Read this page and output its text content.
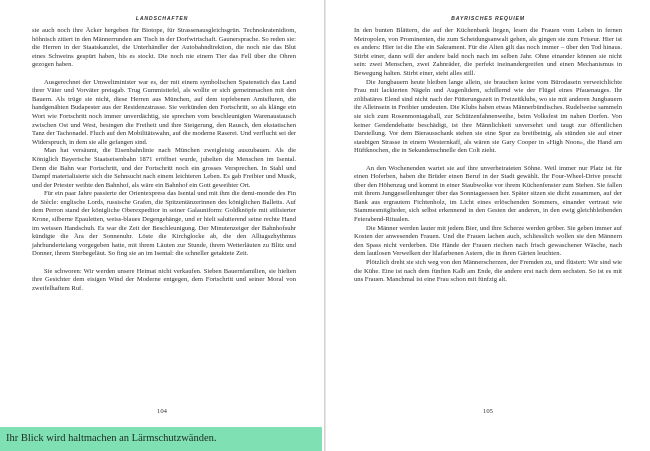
LANDSCHAFTEN

sie auch noch ihre Äcker hergeben für Biotope, für Strassenausgleichsgrün. Technokratenidiom, höhnisch zitiert in den Männerrunden am Tisch in der Dorfwirtschaft. Gaunersprache. So reden sie: die Herren in der Staatskanzlei, die Unterhändler der Autobahndirektion, die noch nie das Blut eines Schweins gespürt haben, bis es stockt. Die noch nie einem Tier das Fell über die Ohren gezogen haben.

Ausgerechnet der Umweltminister war es, der mit einem symbolischen Spatenstich das Land ihrer Väter und Vorväter preisgab. Trug Gummistiefel, als wollte er sich gemeinmachen mit den Bauern. Als trüge sie nicht, diese Herren aus München, auf dem topfebenen Amtsfluren, die handgenähten Budapester aus der Residenzstrasse. Sie verkünden den Fortschritt, so als klänge ein Wort wie Fortschritt noch immer unverdächtig, sie sprechen vom beschleunigten Warenaustausch zwischen Ost und West, besingen die Freiheit und ihre Steigerung, den Rausch, den ekstatischen Tanz der Tachonadel. Fluch auf den Mobilitätswahn, auf die moderne Raserei. Und verflucht sei der Widerspruch, in dem sie alle gefangen sind.

Man hat versäumt, die Eisenbahnlinie nach München zweigleisig auszubauen. Als die Königlich Bayerische Staatseisenbahn 1871 eröffnet wurde, jubelten die Menschen im Isental. Denn die Bahn war Fortschritt, und der Fortschritt noch ein grosses Versprechen. In Stahl und Dampf materialisierte sich die Sehnsucht nach einem leichteren Leben. Es gab Freibier und Musik, und der Priester weihte den Bahnhof, als wäre ein Bahnhof ein Gott geweihter Ort.

Für ein paar Jahre passierte der Orientexpress das Isental und mit ihm die demi-monde des Fin de Siècle: englische Lords, russische Grafen, die Spitzentänzerinnen des königlichen Balletts. Auf dem Perron stand der königliche Oberexpeditor in seiner Galauniform: Goldknöpfe mit stilisierter Krone, silberne Epauletten, weiss-blaues Degengehänge, und er hielt salutierend seine rechte Hand im weissen Handschuh. Es war die Zeit der Beschleunigung. Der Minutenzeiger der Bahnhofsuhr kündigte die Ära der Sonnenuhr. Löste die Kirchglocke ab, die den Alltagszhythmus jahrhundertelang vorgegeben hatte, mit ihrem Läuten zur Stunde, ihrem Wetterläuten zu Blitz und Donner, ihrem Sterbegeläut. So fing sie an im Isental: die schneller getaktete Zeit.

Sie schworen: Wir werden unsere Heimat nicht verkaufen. Sieben Bauernfamilien, sie hielten ihre Gesichter dem eisigen Wind der Moderne entgegen, dem Fortschritt und seiner Moral von zweifelhaftem Ruf.

104
BAYRISCHES REQUIEM

In den bunten Blättern, die auf der Küchenbank liegen, lesen die Frauen vom Leben in fernen Metropolen, von Prominenten, die zum Scheidungsanwalt gehen, als gingen sie zum Friseur. Hier ist es anders: Hier ist die Ehe ein Sakrament. Für die Alten gilt das noch immer – über den Tod hinaus. Stirbt einer, dann will der andere bald noch nach im selben Jahr. Ohne einander können sie nicht sein: zwei Menschen, zwei Zahnräder, die perfekt ineinandergreifen und einen Mechanismus in Bewegung halten. Stirbt einer, steht alles still.

Die Jungbauern heute bleiben lange allein, sie brauchen keine vom Bürodasein verweichlichte Frau mit lackierten Nägeln und Augenlidern, schillernd wie der Flügel eines Pfauenauges. Ihr zölibatäres Elend sind nicht nach der Fütterungszeit in Freizeitklubs, wo sie mit anderen Jungbauern ihr Alleinsein in Freibier umdeuten. Die Klubs haben etwas Männerbündisches. Rudelweise sammeln sie sich zum Rosenmontagsball, zur Schützenfahnenweihe, beim Volksfest im nahen Dorfen. Von keiner Gendendebatte beschädigt, ist ihre Männlichkeit unversehrt und taugt zur öffentlichen Darstellung. Vor dem Bierausschank stehen sie eine Spur zu breitbeinig, als stünden sie auf einer staubigen Strasse in einem Westernkaff, als wären sie Gary Cooper in «High Noon», die Hand am Hüftknochen, die in Sekundenschnelle den Colt zieht.

An den Wochenenden wartet sie auf ihre unverheirateten Söhne. Weil immer nur Platz ist für einen Hoferben, haben die Brüder einen Beruf in der Stadt gewählt. Ihr Four-Wheel-Drive prescht über den Höhenzug und kommt in einer Staubwolke vor ihrem Küchenfenster zum Stehen. Sie fallen mit ihrem Junggesellenhunger über das Sonntagsessen her. Später sitzen sie dicht zusammen, auf der Bank aus ergrautem Fichtenholz, im Licht eines erlöschenden Sommers, einander vertraut wie Stammesmitglieder, sich selbst erkennend in den Gesten der anderen, in den ewig gleichbleibenden Feierabend-Ritualen.

Die Männer werden lauter mit jedem Bier, und ihre Scherze werden gröber. Sie geben immer auf Kosten der anwesenden Frauen. Und die Frauen lachen auch, schliesslich wollen sie den Männern den Spass nicht verderben. Die Hände der Frauen riechen nach frisch gewaschener Wäsche, nach dem lautlosen Verwelken der lilafarbenen Astern, die in ihren Gärten leuchten.

Plötzlich dreht sie sich weg von den Männerscherzen, der Fremden zu, und flüstert: Wir sind wie die Kühe. Eine ist nach dem fünften Kalb am Ende, die andere erst nach dem sechsten. So ist es mit uns Frauen. Manchmal ist eine Frau schon mit fünfzig alt.

105
Ihr Blick wird haltmachen an Lärmschutzwänden.
